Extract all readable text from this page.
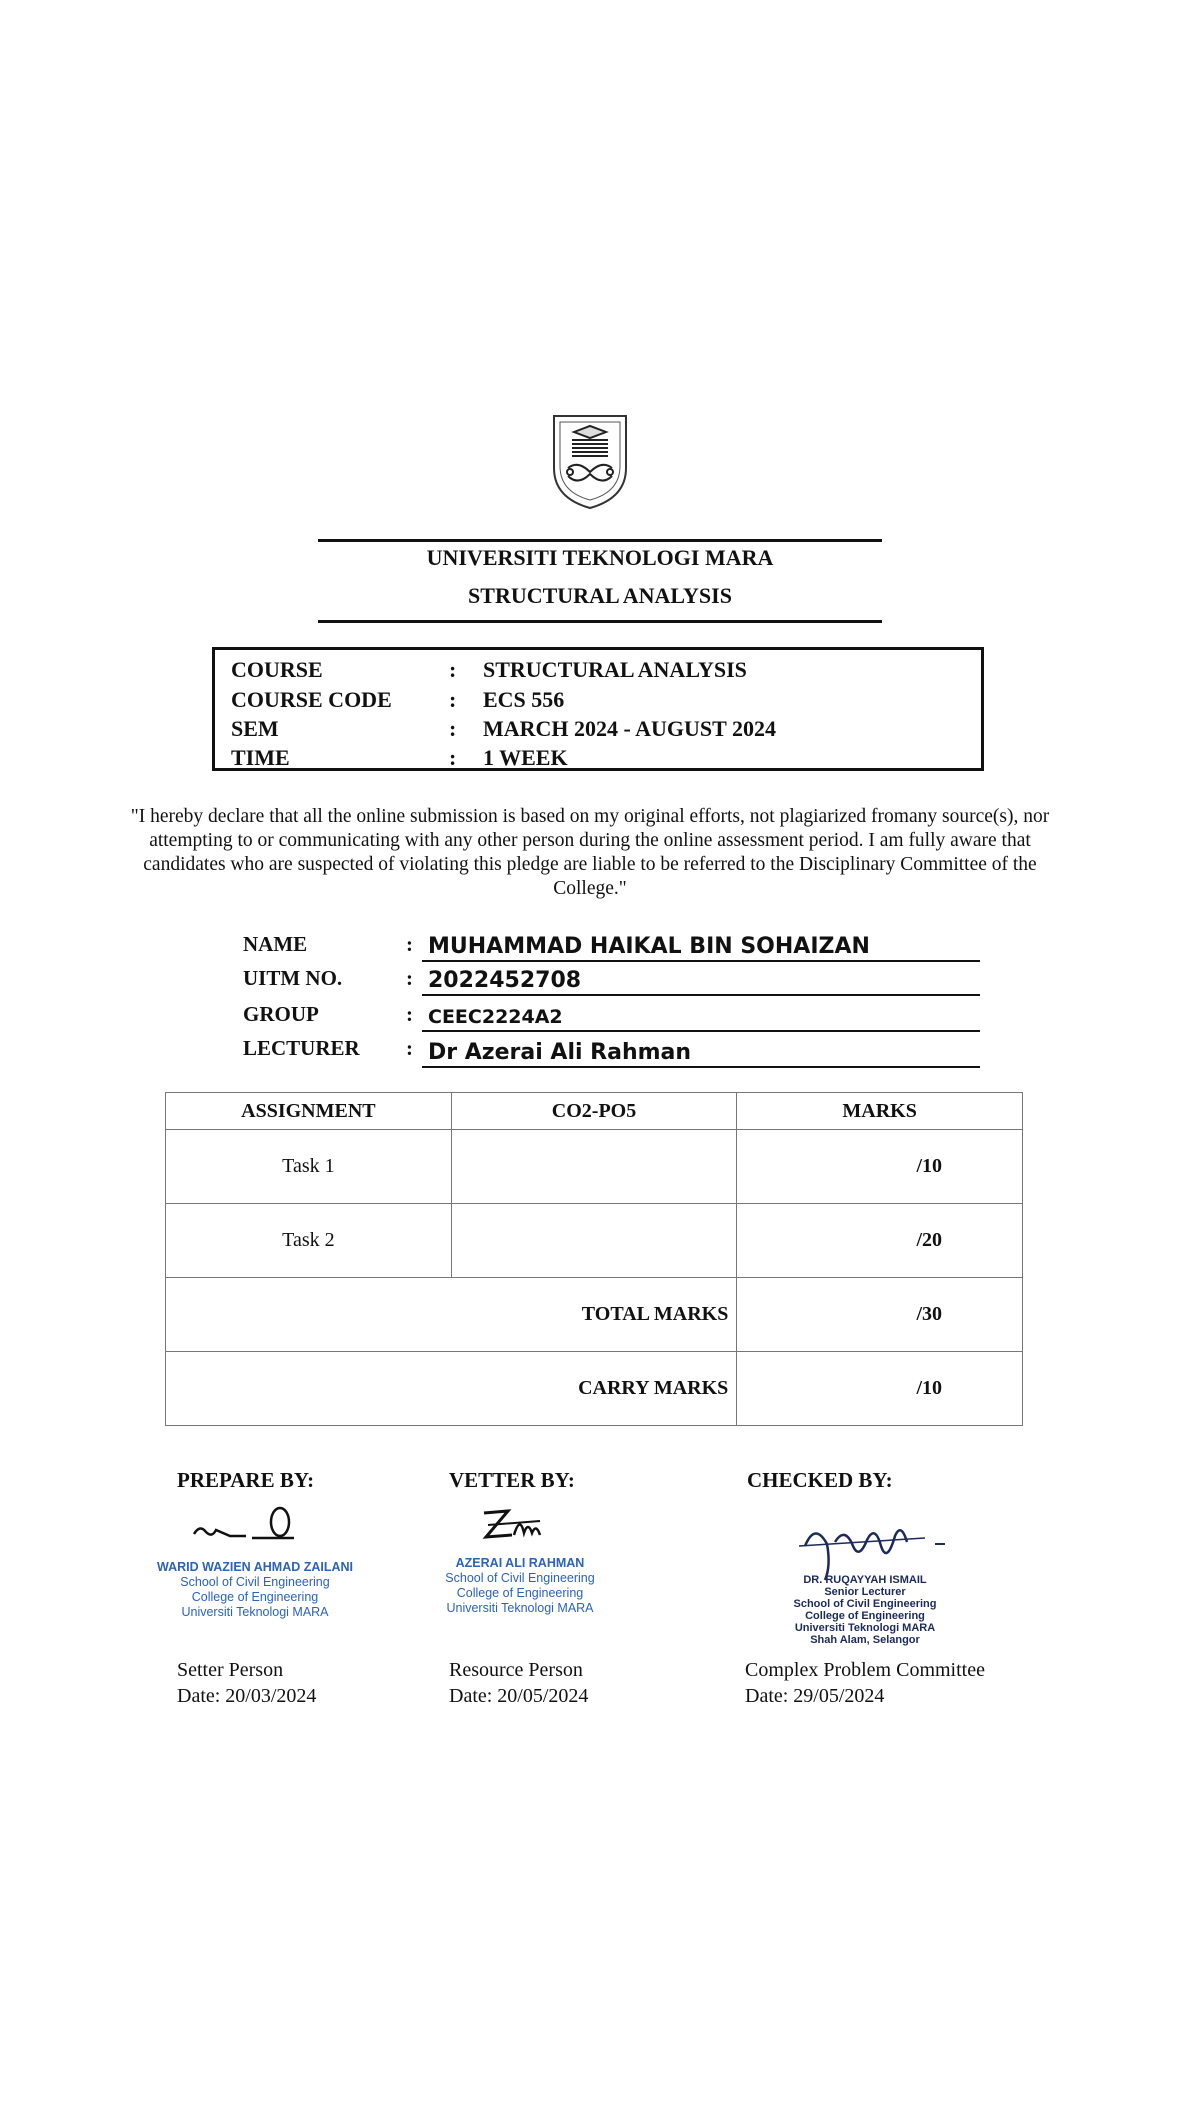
UNIVERSITI TEKNOLOGI MARA
STRUCTURAL ANALYSIS
COURSE	: STRUCTURAL ANALYSIS
COURSE CODE	: ECS 556
SEM	: MARCH 2024 - AUGUST 2024
TIME	: 1 WEEK
"I hereby declare that all the online submission is based on my original efforts, not plagiarized fromany source(s), nor attempting to or communicating with any other person during the online assessment period. I am fully aware that candidates who are suspected of violating this pledge are liable to be referred to the Disciplinary Committee of the College."
NAME	: MUHAMMAD HAIKAL BIN SOHAIZAN
UITM NO.	: 2022452708
GROUP	: CEEC2224A2
LECTURER : Dr Azerai Ali Rahman
ASSIGNMENT	CO2-PO5	MARKS
Task 1		/10
Task 2		/20
TOTAL MARKS		/30
CARRY MARKS		/10
PREPARE BY:
WARID WAZIEN AHMAD ZAILANI
School of Civil Engineering
College of Engineering
Universiti Teknologi MARA
Setter Person
Date: 20/03/2024
VETTER BY:
AZERAI ALI RAHMAN
School of Civil Engineering
College of Engineering
Universiti Teknologi MARA
Resource Person
Date: 20/05/2024
CHECKED BY:
DR. RUQAYYAH ISMAIL
Senior Lecturer
School of Civil Engineering
College of Engineering
Universiti Teknologi MARA
Shah Alam, Selangor
Complex Problem Committee
Date: 29/05/2024
